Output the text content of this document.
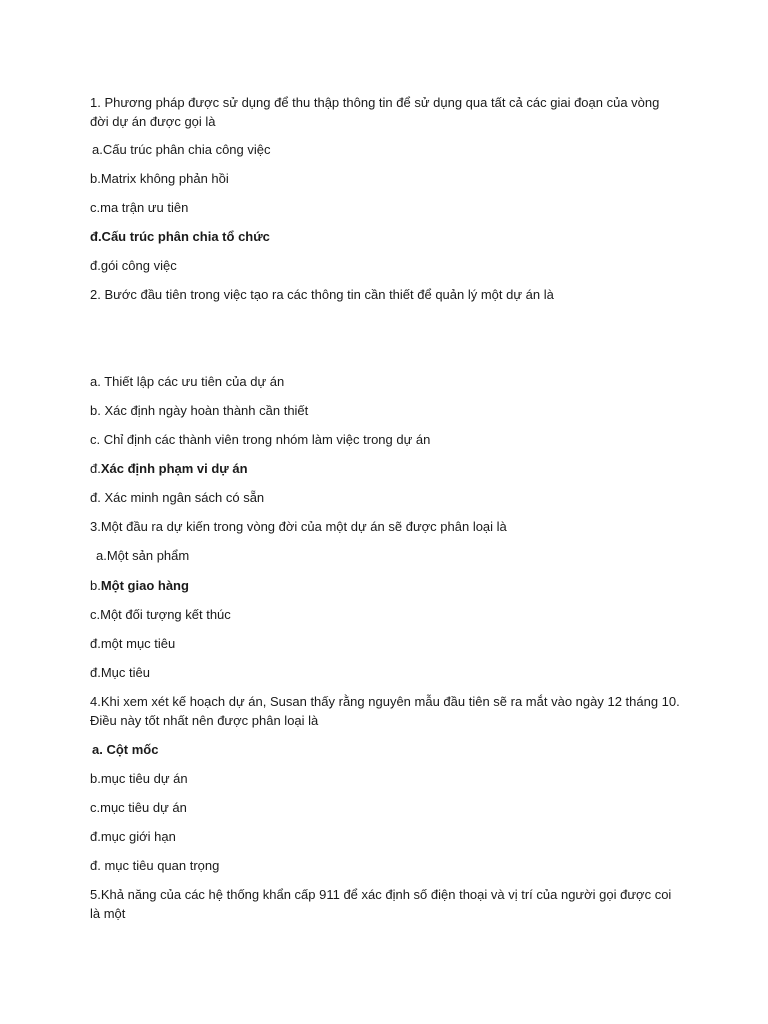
1. Phương pháp được sử dụng để thu thập thông tin để sử dụng qua tất cả các giai đoạn của vòng đời dự án được gọi là
a.Cấu trúc phân chia công việc
b.Matrix không phản hồi
c.ma trận ưu tiên
đ.Cấu trúc phân chia tổ chức
đ.gói công việc
2. Bước đầu tiên trong việc tạo ra các thông tin cần thiết để quản lý một dự án là
a. Thiết lập các ưu tiên của dự án
b. Xác định ngày hoàn thành cần thiết
c. Chỉ định các thành viên trong nhóm làm việc trong dự án
đ.Xác định phạm vi dự án
đ. Xác minh ngân sách có sẵn
3.Một đầu ra dự kiến trong vòng đời của một dự án sẽ được phân loại là
a.Một sản phẩm
b.Một giao hàng
c.Một đối tượng kết thúc
đ.một mục tiêu
đ.Mục tiêu
4.Khi xem xét kế hoạch dự án, Susan thấy rằng nguyên mẫu đầu tiên sẽ ra mắt vào ngày 12 tháng 10. Điều này tốt nhất nên được phân loại là
a. Cột mốc
b.mục tiêu dự án
c.mục tiêu dự án
đ.mục giới hạn
đ. mục tiêu quan trọng
5.Khả năng của các hệ thống khẩn cấp 911 để xác định số điện thoại và vị trí của người gọi được coi là một
